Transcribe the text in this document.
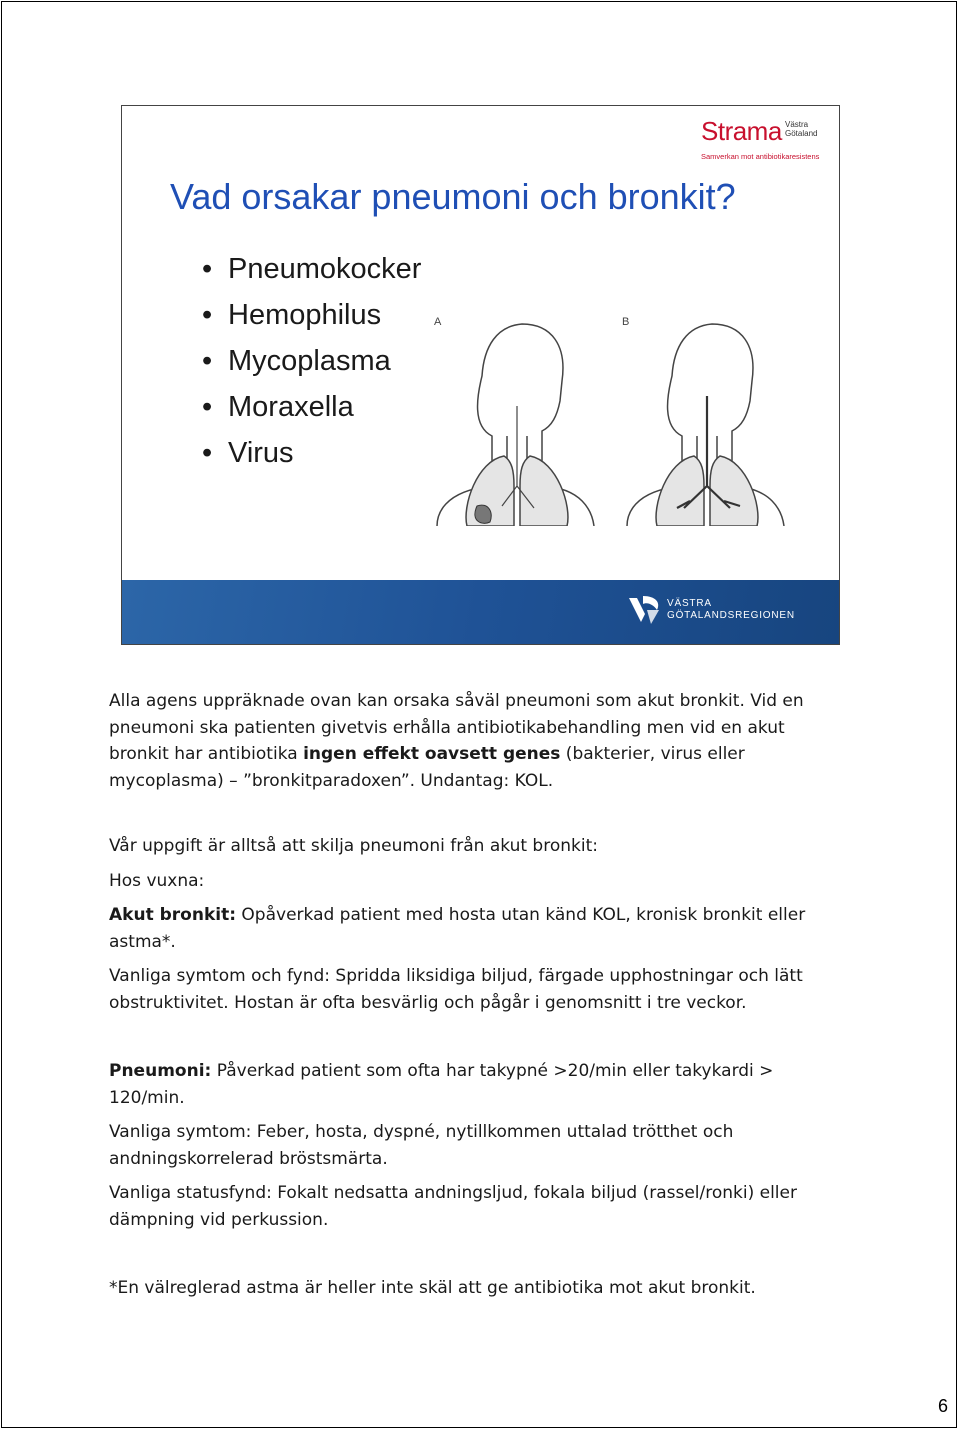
Strama Västra Götaland
Samverkan mot antibiotikaresistens
Vad orsakar pneumoni och bronkit?
• Pneumokocker
• Hemophilus
• Mycoplasma
• Moraxella
• Virus
A	B
VÄSTRA
GÖTALANDSREGIONEN

Alla agens uppräknade ovan kan orsaka såväl pneumoni som akut bronkit. Vid en pneumoni ska patienten givetvis erhålla antibiotikabehandling men vid en akut bronkit har antibiotika ingen effekt oavsett genes (bakterier, virus eller mycoplasma) – ”bronkitparadoxen”. Undantag: KOL.

Vår uppgift är alltså att skilja pneumoni från akut bronkit:

Hos vuxna:

Akut bronkit: Opåverkad patient med hosta utan känd KOL, kronisk bronkit eller astma*.

Vanliga symtom och fynd: Spridda liksidiga biljud, färgade upphostningar och lätt obstruktivitet. Hostan är ofta besvärlig och pågår i genomsnitt i tre veckor.

Pneumoni: Påverkad patient som ofta har takypné >20/min eller takykardi > 120/min.

Vanliga symtom: Feber, hosta, dyspné, nytillkommen uttalad trötthet och andningskorrelerad bröstsmärta.

Vanliga statusfynd: Fokalt nedsatta andningsljud, fokala biljud (rassel/ronki) eller dämpning vid perkussion.

*En välreglerad astma är heller inte skäl att ge antibiotika mot akut bronkit.

6
